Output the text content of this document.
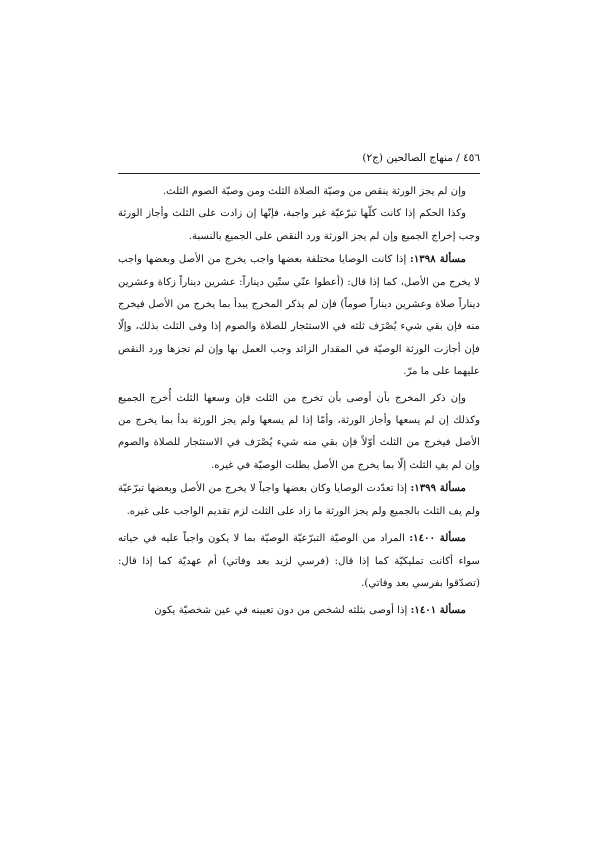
٤٥٦ / منهاج الصالحين (ج٢)

وإن لم يجز الورثة ينقص من وصيّة الصلاة الثلث ومن وصيّة الصوم الثلث.

وكذا الحكم إذا كانت كلّها تبرّعيّة غير واجبة، فإنّها إن زادت على الثلث وأجاز الورثة وجب إخراج الجميع وإن لم يجز الورثة ورد النقص على الجميع بالنسبة.

مسألة ١٣٩٨: إذا كانت الوصايا مختلفة بعضها واجب يخرج من الأصل وبعضها واجب لا يخرج من الأصل، كما إذا قال: (أعطوا عنّي ستّين ديناراً: عشرين ديناراً زكاة وعشرين ديناراً صلاة وعشرين ديناراً صوماً) فإن لم يذكر المخرج يبدأ بما يخرج من الأصل فيخرج منه فإن بقي شيء يُصْرَف ثلثه في الاستئجار للصلاة والصوم إذا وفى الثلث بذلك، وإلّا فإن أجازت الورثة الوصيّة في المقدار الزائد وجب العمل بها وإن لم تجزها ورد النقص عليهما على ما مرّ.

وإن ذكر المخرج بأن أوصى بأن تخرج من الثلث فإن وسعها الثلث أُخرج الجميع وكذلك إن لم يسعها وأجاز الورثة، وأمّا إذا لم يسعها ولم يجز الورثة بدأ بما يخرج من الأصل فيخرج من الثلث أوّلاً فإن بقي منه شيء يُصْرَف في الاستئجار للصلاة والصوم وإن لم يفِ الثلث إلّا بما يخرج من الأصل بطلت الوصيّة في غيره.

مسألة ١٣٩٩: إذا تعدّدت الوصايا وكان بعضها واجباً لا يخرج من الأصل وبعضها تبرّعيّة ولم يف الثلث بالجميع ولم يجز الورثة ما زاد على الثلث لزم تقديم الواجب على غيره.

مسألة ١٤٠٠: المراد من الوصيّة التبرّعيّة الوصيّة بما لا يكون واجباً عليه في حياته سواء أكانت تمليكيّة كما إذا قال: (فرسي لزيد بعد وفاتي) أم عهديّة كما إذا قال: (تصدّقوا بفرسي بعد وفاتي).

مسألة ١٤٠١: إذا أوصى بثلثه لشخص من دون تعيينه في عين شخصيّة يكون
